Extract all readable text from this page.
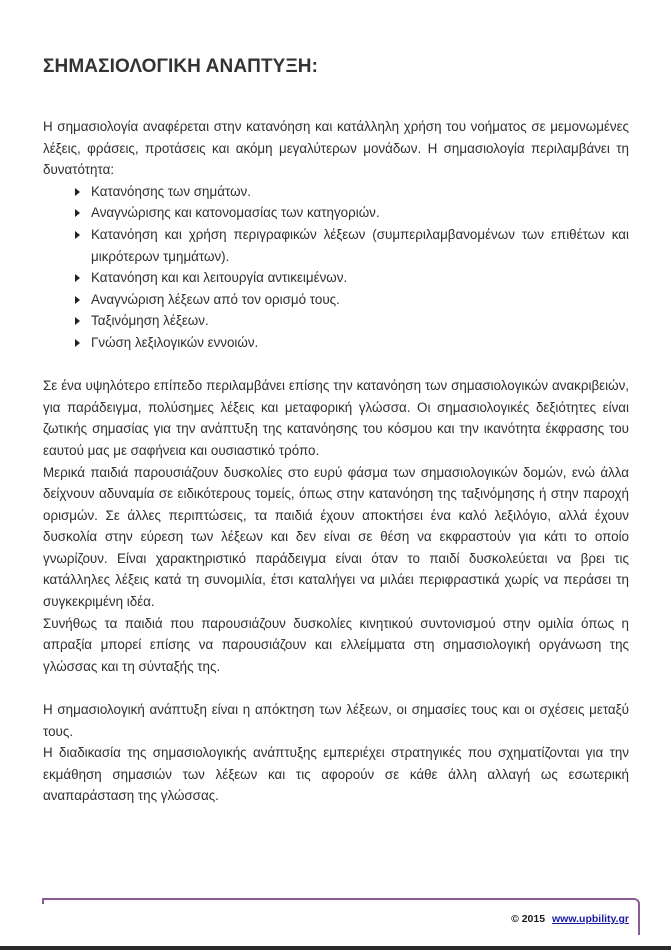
ΣΗΜΑΣΙΟΛΟΓΙΚΗ ΑΝΑΠΤΥΞΗ:

Η σημασιολογία αναφέρεται στην κατανόηση και κατάλληλη χρήση του νοήματος σε μεμονωμένες λέξεις, φράσεις, προτάσεις και ακόμη μεγαλύτερων μονάδων. Η σημασιολογία περιλαμβάνει τη δυνατότητα:

Κατανόησης των σημάτων.
Αναγνώρισης και κατονομασίας των κατηγοριών.
Κατανόηση και χρήση περιγραφικών λέξεων (συμπεριλαμβανομένων των επιθέτων και μικρότερων τμημάτων).
Κατανόηση και και λειτουργία αντικειμένων.
Αναγνώριση λέξεων από τον ορισμό τους.
Ταξινόμηση λέξεων.
Γνώση λεξιλογικών εννοιών.

Σε ένα υψηλότερο επίπεδο περιλαμβάνει επίσης την κατανόηση των σημασιολογικών ανακριβειών, για παράδειγμα, πολύσημες λέξεις και μεταφορική γλώσσα. Οι σημασιολογικές δεξιότητες είναι ζωτικής σημασίας για την ανάπτυξη της κατανόησης του κόσμου και την ικανότητα έκφρασης του εαυτού μας με σαφήνεια και ουσιαστικό τρόπο.

Μερικά παιδιά παρουσιάζουν δυσκολίες στο ευρύ φάσμα των σημασιολογικών δομών, ενώ άλλα δείχνουν αδυναμία σε ειδικότερους τομείς, όπως στην κατανόηση της ταξινόμησης ή στην παροχή ορισμών. Σε άλλες περιπτώσεις, τα παιδιά έχουν αποκτήσει ένα καλό λεξιλόγιο, αλλά έχουν δυσκολία στην εύρεση των λέξεων και δεν είναι σε θέση να εκφραστούν για κάτι το οποίο γνωρίζουν. Είναι χαρακτηριστικό παράδειγμα είναι όταν το παιδί δυσκολεύεται να βρει τις κατάλληλες λέξεις κατά τη συνομιλία, έτσι καταλήγει να μιλάει περιφραστικά χωρίς να περάσει τη συγκεκριμένη ιδέα.

Συνήθως τα παιδιά που παρουσιάζουν δυσκολίες κινητικού συντονισμού στην ομιλία όπως η απραξία μπορεί επίσης να παρουσιάζουν και ελλείμματα στη σημασιολογική οργάνωση της γλώσσας και τη σύνταξής της.

Η σημασιολογική ανάπτυξη είναι η απόκτηση των λέξεων, οι σημασίες τους και οι σχέσεις μεταξύ τους.

Η διαδικασία της σημασιολογικής ανάπτυξης εμπεριέχει στρατηγικές που σχηματίζονται για την εκμάθηση σημασιών των λέξεων και τις αφορούν σε κάθε άλλη αλλαγή ως εσωτερική αναπαράσταση της γλώσσας.

© 2015 www.upbility.gr
